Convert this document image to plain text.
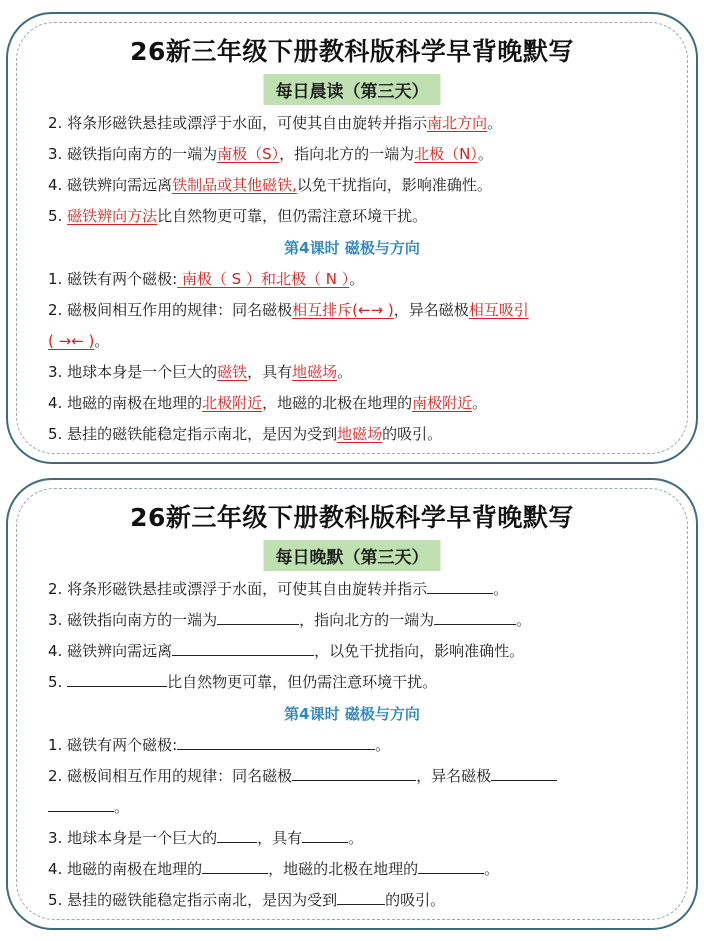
26新三年级下册教科版科学早背晚默写
每日晨读（第三天）
2. 将条形磁铁悬挂或漂浮于水面，可使其自由旋转并指示南北方向。
3. 磁铁指向南方的一端为南极（S），指向北方的一端为北极（N）。
4. 磁铁辨向需远离铁制品或其他磁铁,以免干扰指向，影响准确性。
5. 磁铁辨向方法比自然物更可靠，但仍需注意环境干扰。
第4课时 磁极与方向
1. 磁铁有两个磁极: 南极（ S ）和北极（ N ）。
2. 磁极间相互作用的规律：同名磁极相互排斥(←→ )，异名磁极相互吸引
( →← )。
3. 地球本身是一个巨大的磁铁，具有地磁场。
4. 地磁的南极在地理的北极附近，地磁的北极在地理的南极附近。
5. 悬挂的磁铁能稳定指示南北，是因为受到地磁场的吸引。
26新三年级下册教科版科学早背晚默写
每日晚默（第三天）
2. 将条形磁铁悬挂或漂浮于水面，可使其自由旋转并指示	。
3. 磁铁指向南方的一端为	，指向北方的一端为	。
4. 磁铁辨向需远离	，以免干扰指向，影响准确性。
5.	比自然物更可靠，但仍需注意环境干扰。
第4课时 磁极与方向
1. 磁铁有两个磁极:	。
2. 磁极间相互作用的规律：同名磁极	，异名磁极
。
3. 地球本身是一个巨大的	，具有	。
4. 地磁的南极在地理的	，地磁的北极在地理的	。
5. 悬挂的磁铁能稳定指示南北，是因为受到	的吸引。
